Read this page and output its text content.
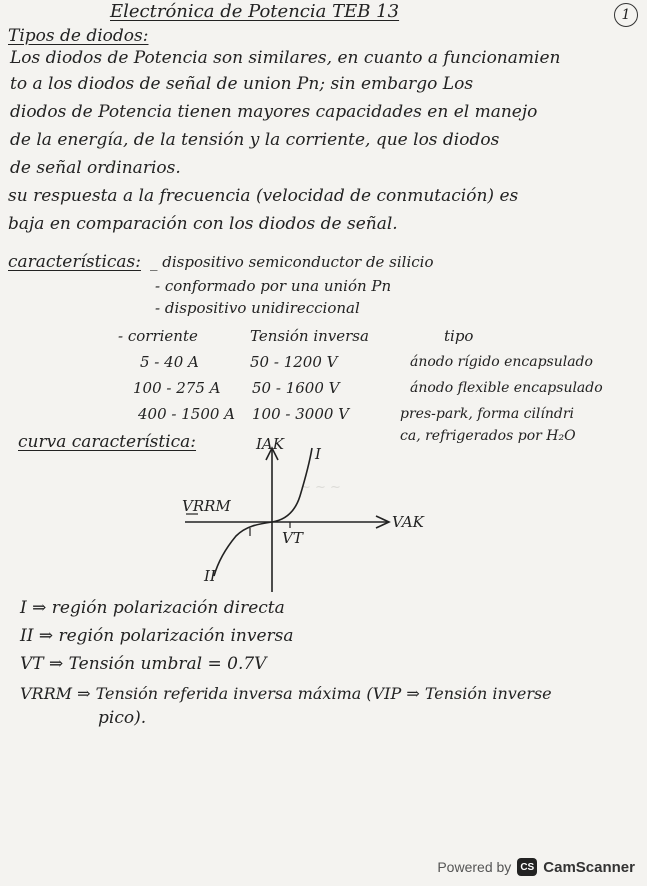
~ ~ ~
Electrónica de Potencia TEB 13	1
Tipos de diodos:
Los diodos de Potencia son similares, en cuanto a funcionamien
to a los diodos de señal de union Pn; sin embargo Los
diodos de Potencia tienen mayores capacidades en el manejo
de la energía, de la tensión y la corriente, que los diodos
de señal ordinarios.
su respuesta a la frecuencia (velocidad de conmutación) es
baja en comparación con los diodos de señal.
características: _ dispositivo semiconductor de silicio
- conformado por una unión Pn
- dispositivo unidireccional
- corriente	Tensión inversa	tipo
5 - 40 A	50 - 1200 V	ánodo rígido encapsulado
100 - 275 A 50 - 1600 V	ánodo flexible encapsulado
400 - 1500 A 100 - 3000 V	pres-park, forma cilíndri
ca, refrigerados por H₂O
curva característica:	IAK
I
VAK
VRRM
VT
II
I ⇒ región polarización directa
II ⇒ región polarización inversa
VT ⇒ Tensión umbral = 0.7V
VRRM ⇒ Tensión referida inversa máxima (VIP ⇒ Tensión inverse
pico).
Powered by CS CamScanner
